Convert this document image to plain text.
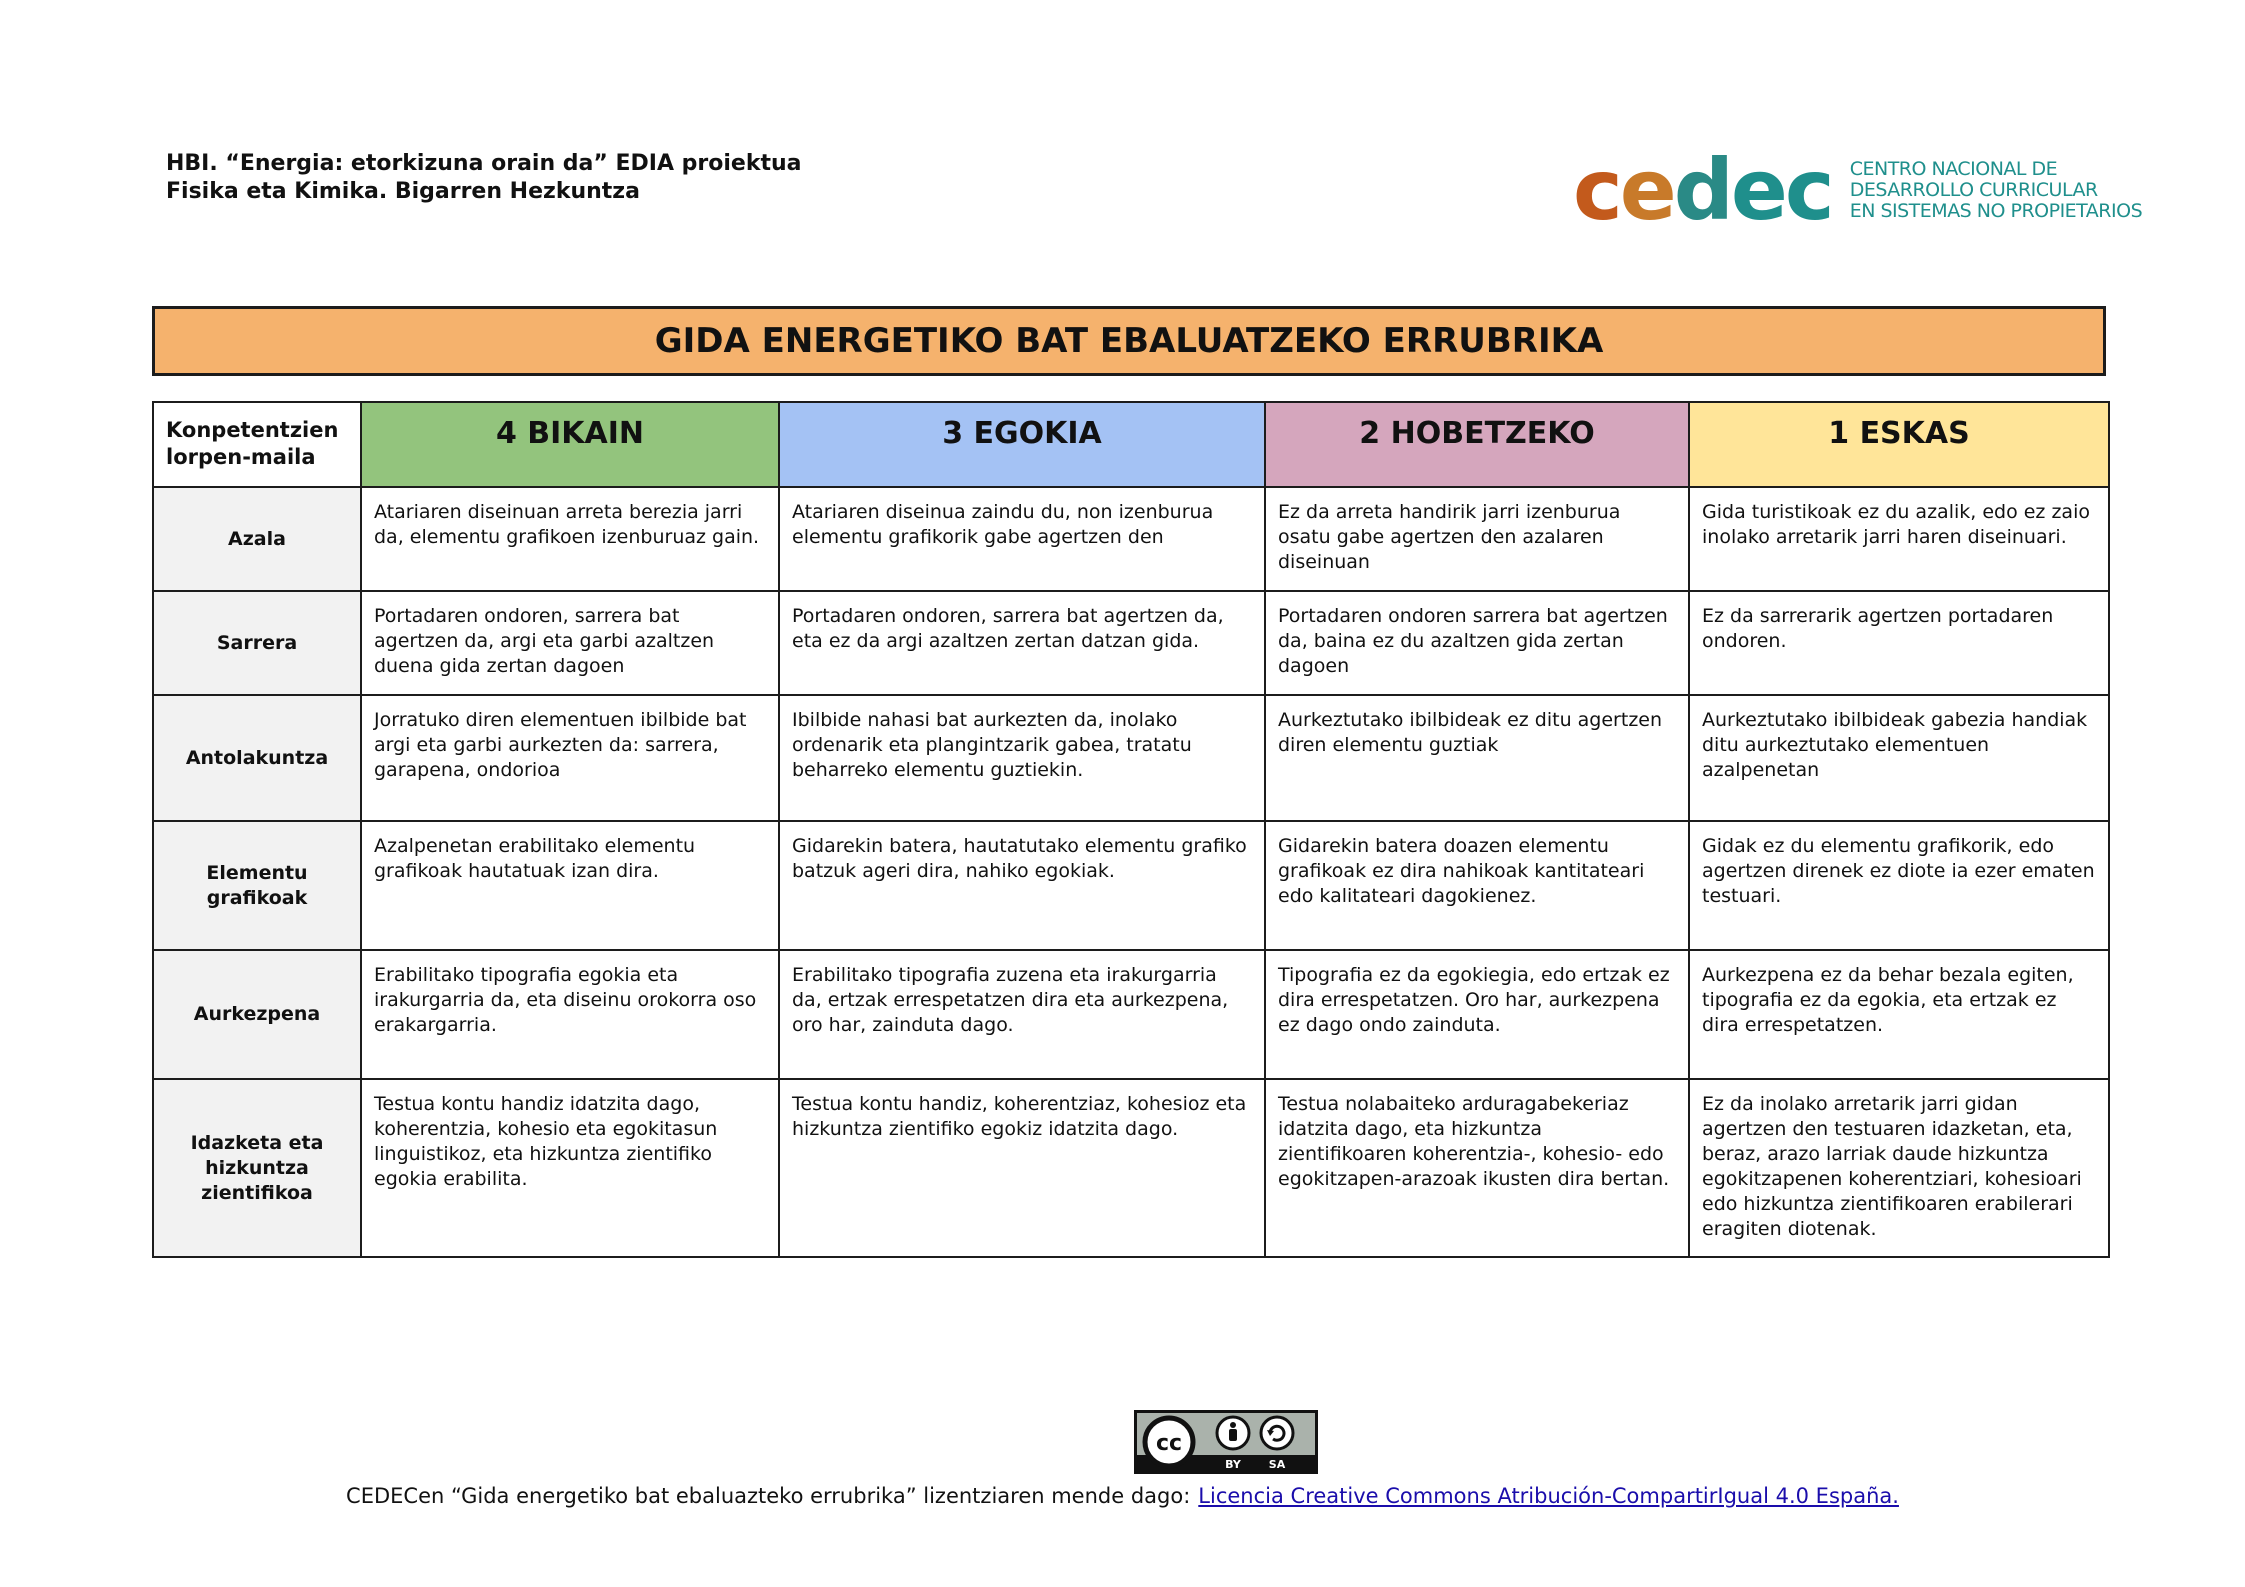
HBI. “Energia: etorkizuna orain da” EDIA proiektua
Fisika eta Kimika. Bigarren Hezkuntza	c e d e c CENTRO NACIONAL DE
DESARROLLO CURRICULAR
EN SISTEMAS NO PROPIETARIOS
GIDA ENERGETIKO BAT EBALUATZEKO ERRUBRIKA
Konpetentzien lorpen-maila	4 BIKAIN	3 EGOKIA	2 HOBETZEKO	1 ESKAS
Azala	Atariaren diseinuan arreta berezia jarri da, elementu grafikoen izenburuaz gain.	Atariaren diseinua zaindu du, non izenburua elementu grafikorik gabe agertzen den	Ez da arreta handirik jarri izenburua osatu gabe agertzen den azalaren diseinuan	Gida turistikoak ez du azalik, edo ez zaio inolako arretarik jarri haren diseinuari.
Sarrera	Portadaren ondoren, sarrera bat agertzen da, argi eta garbi azaltzen duena gida zertan dagoen	Portadaren ondoren, sarrera bat agertzen da, eta ez da argi azaltzen zertan datzan gida.	Portadaren ondoren sarrera bat agertzen da, baina ez du azaltzen gida zertan dagoen	Ez da sarrerarik agertzen portadaren ondoren.
Antolakuntza	Jorratuko diren elementuen ibilbide bat argi eta garbi aurkezten da: sarrera, garapena, ondorioa	Ibilbide nahasi bat aurkezten da, inolako ordenarik eta plangintzarik gabea, tratatu beharreko elementu guztiekin.	Aurkeztutako ibilbideak ez ditu agertzen diren elementu guztiak	Aurkeztutako ibilbideak gabezia handiak ditu aurkeztutako elementuen azalpenetan
Elementu grafikoak	Azalpenetan erabilitako elementu grafikoak hautatuak izan dira.	Gidarekin batera, hautatutako elementu grafiko batzuk ageri dira, nahiko egokiak.	Gidarekin batera doazen elementu grafikoak ez dira nahikoak kantitateari edo kalitateari dagokienez.	Gidak ez du elementu grafikorik, edo agertzen direnek ez diote ia ezer ematen testuari.
Aurkezpena	Erabilitako tipografia egokia eta irakurgarria da, eta diseinu orokorra oso erakargarria.	Erabilitako tipografia zuzena eta irakurgarria da, ertzak errespetatzen dira eta aurkezpena, oro har, zainduta dago.	Tipografia ez da egokiegia, edo ertzak ez dira errespetatzen. Oro har, aurkezpena ez dago ondo zainduta.	Aurkezpena ez da behar bezala egiten, tipografia ez da egokia, eta ertzak ez dira errespetatzen.
Idazketa eta hizkuntza zientifikoa	Testua kontu handiz idatzita dago, koherentzia, kohesio eta egokitasun linguistikoz, eta hizkuntza zientifiko egokia erabilita.	Testua kontu handiz, koherentziaz, kohesioz eta hizkuntza zientifiko egokiz idatzita dago.	Testua nolabaiteko arduragabekeriaz idatzita dago, eta hizkuntza zientifikoaren koherentzia-, kohesio- edo egokitzapen-arazoak ikusten dira bertan.	Ez da inolako arretarik jarri gidan agertzen den testuaren idazketan, eta, beraz, arazo larriak daude hizkuntza egokitzapenen koherentziari, kohesioari edo hizkuntza zientifikoaren erabilerari eragiten diotenak.
cc
BY	SA
CEDECen “Gida energetiko bat ebaluazteko errubrika” lizentziaren mende dago: Licencia Creative Commons Atribución-CompartirIgual 4.0 España.
